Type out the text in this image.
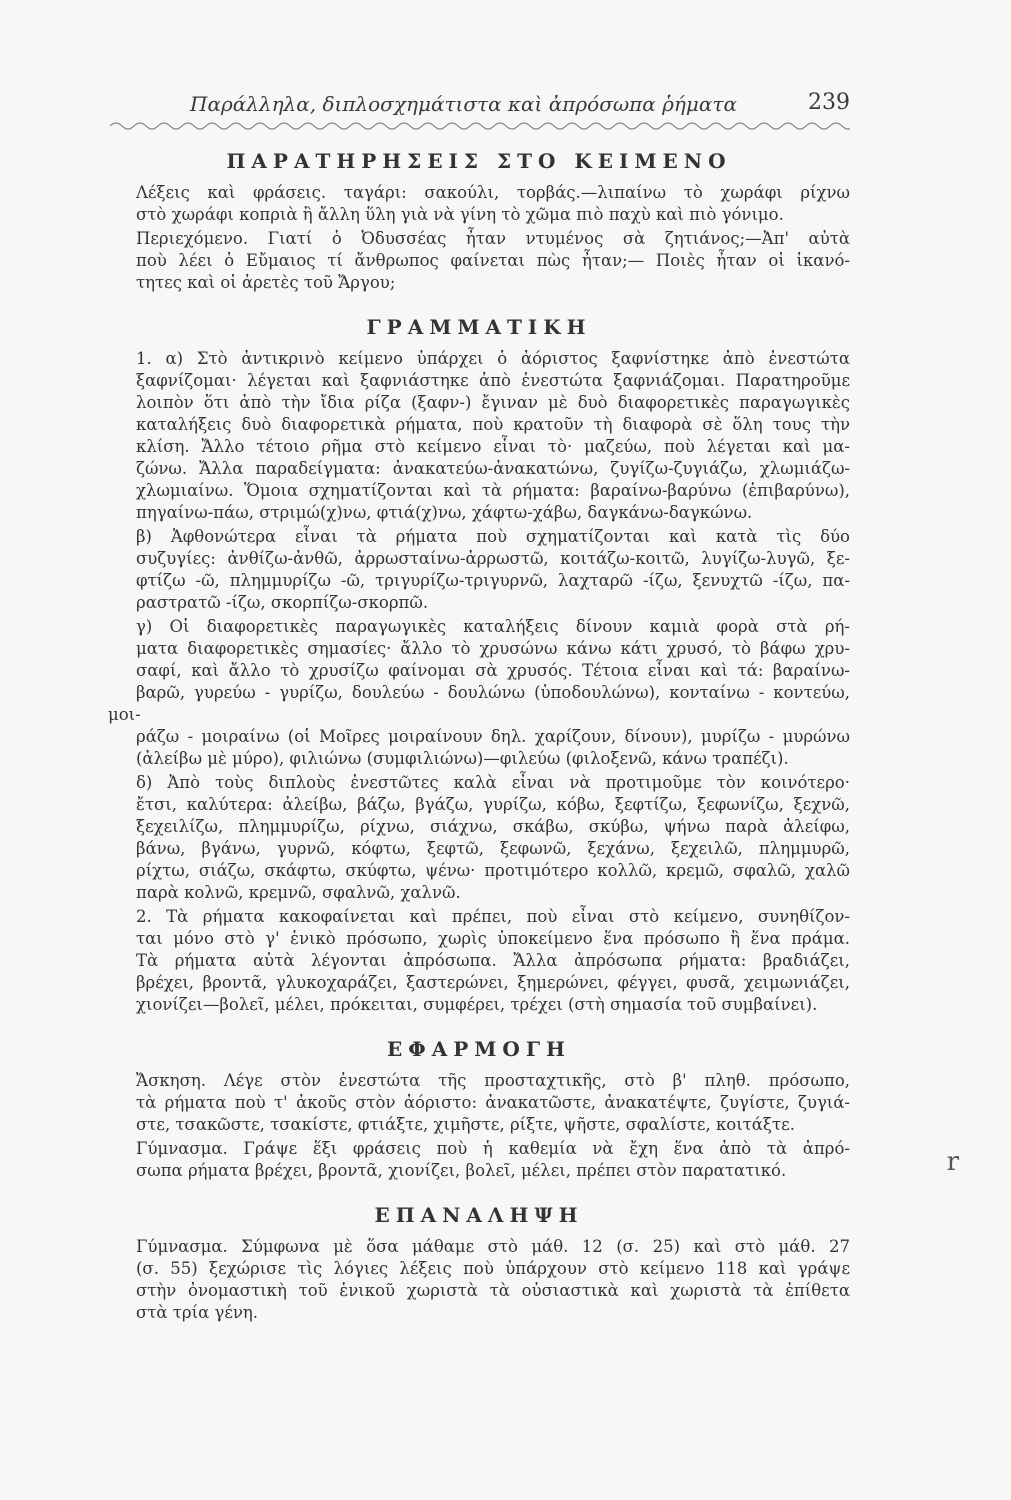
Παράλληλα, διπλοσχημάτιστα καὶ ἀπρόσωπα ῥήματα	239
ΠΑΡΑΤΗΡΗΣΕΙΣ ΣΤΟ ΚΕΙΜΕΝΟ

Λέξεις καὶ φράσεις. ταγάρι: σακούλι, τορβάς.—λιπαίνω τὸ χωράφι ρίχνω
στὸ χωράφι κοπριὰ ἢ ἄλλη ὕλη γιὰ νὰ γίνη τὸ χῶμα πιὸ παχὺ καὶ πιὸ γόνιμο.

Περιεχόμενο. Γιατί ὁ Ὀδυσσέας ἦταν ντυμένος σὰ ζητιάνος;—Ἀπ' αὐτὰ
ποὺ λέει ὁ Εὔμαιος τί ἄνθρωπος φαίνεται πὼς ἦταν;— Ποιὲς ἦταν οἱ ἱκανό-
τητες καὶ οἱ ἀρετὲς τοῦ Ἄργου;

ΓΡΑΜΜΑΤΙΚΗ

1. α) Στὸ ἀντικρινὸ κείμενο ὑπάρχει ὁ ἀόριστος ξαφνίστηκε ἀπὸ ἐνεστώτα
ξαφνίζομαι· λέγεται καὶ ξαφνιάστηκε ἀπὸ ἐνεστώτα ξαφνιάζομαι. Παρατηροῦμε
λοιπὸν ὅτι ἀπὸ τὴν ἴδια ρίζα (ξαφν-) ἔγιναν μὲ δυὸ διαφορετικὲς παραγωγικὲς
καταλήξεις δυὸ διαφορετικὰ ρήματα, ποὺ κρατοῦν τὴ διαφορὰ σὲ ὅλη τους τὴν
κλίση. Ἄλλο τέτοιο ρῆμα στὸ κείμενο εἶναι τὸ· μαζεύω, ποὺ λέγεται καὶ μα-
ζώνω. Ἄλλα παραδείγματα: ἀνακατεύω-ἀνακατώνω, ζυγίζω-ζυγιάζω, χλωμιάζω-
χλωμιαίνω. Ὅμοια σχηματίζονται καὶ τὰ ρήματα: βαραίνω-βαρύνω (ἐπιβαρύνω),
πηγαίνω-πάω, στριμώ(χ)νω, φτιά(χ)νω, χάφτω-χάβω, δαγκάνω-δαγκώνω.

β) Ἀφθονώτερα εἶναι τὰ ρήματα ποὺ σχηματίζονται καὶ κατὰ τὶς δύο
συζυγίες: ἀνθίζω-ἀνθῶ, ἀρρωσταίνω-ἀρρωστῶ, κοιτάζω-κοιτῶ, λυγίζω-λυγῶ, ξε-
φτίζω -ῶ, πλημμυρίζω -ῶ, τριγυρίζω-τριγυρνῶ, λαχταρῶ -ίζω, ξενυχτῶ -ίζω, πα-
ραστρατῶ -ίζω, σκορπίζω-σκορπῶ.

γ) Οἱ διαφορετικὲς παραγωγικὲς καταλήξεις δίνουν καμιὰ φορὰ στὰ ρή-
ματα διαφορετικὲς σημασίες· ἄλλο τὸ χρυσώνω κάνω κάτι χρυσό, τὸ βάφω χρυ-
σαφί, καὶ ἄλλο τὸ χρυσίζω φαίνομαι σὰ χρυσός. Τέτοια εἶναι καὶ τά: βαραίνω-
βαρῶ, γυρεύω - γυρίζω, δουλεύω - δουλώνω (ὑποδουλώνω), κονταίνω - κοντεύω, μοι-
ράζω - μοιραίνω (οἱ Μοῖρες μοιραίνουν δηλ. χαρίζουν, δίνουν), μυρίζω - μυρώνω
(ἀλείβω μὲ μύρο), φιλιώνω (συμφιλιώνω)—φιλεύω (φιλοξενῶ, κάνω τραπέζι).

δ) Ἀπὸ τοὺς διπλοὺς ἐνεστῶτες καλὰ εἶναι νὰ προτιμοῦμε τὸν κοινότερο·
ἔτσι, καλύτερα: ἀλείβω, βάζω, βγάζω, γυρίζω, κόβω, ξεφτίζω, ξεφωνίζω, ξεχνῶ,
ξεχειλίζω, πλημμυρίζω, ρίχνω, σιάχνω, σκάβω, σκύβω, ψήνω παρὰ ἀλείφω,
βάνω, βγάνω, γυρνῶ, κόφτω, ξεφτῶ, ξεφωνῶ, ξεχάνω, ξεχειλῶ, πλημμυρῶ,
ρίχτω, σιάζω, σκάφτω, σκύφτω, ψένω· προτιμότερο κολλῶ, κρεμῶ, σφαλῶ, χαλῶ
παρὰ κολνῶ, κρεμνῶ, σφαλνῶ, χαλνῶ.

2. Τὰ ρήματα κακοφαίνεται καὶ πρέπει, ποὺ εἶναι στὸ κείμενο, συνηθίζον-
ται μόνο στὸ γ' ἑνικὸ πρόσωπο, χωρὶς ὑποκείμενο ἕνα πρόσωπο ἢ ἕνα πράμα.
Τὰ ρήματα αὐτὰ λέγονται ἀπρόσωπα. Ἄλλα ἀπρόσωπα ρήματα: βραδιάζει,
βρέχει, βροντᾶ, γλυκοχαράζει, ξαστερώνει, ξημερώνει, φέγγει, φυσᾶ, χειμωνιάζει,
χιονίζει—βολεῖ, μέλει, πρόκειται, συμφέρει, τρέχει (στὴ σημασία τοῦ συμβαίνει).

ΕΦΑΡΜΟΓΗ

Ἄσκηση. Λέγε στὸν ἐνεστώτα τῆς προσταχτικῆς, στὸ β' πληθ. πρόσωπο,
τὰ ρήματα ποὺ τ' ἀκοῦς στὸν ἀόριστο: ἀνακατῶστε, ἀνακατέψτε, ζυγίστε, ζυγιά-
στε, τσακῶστε, τσακίστε, φτιάξτε, χιμῆστε, ρίξτε, ψῆστε, σφαλίστε, κοιτάξτε.

Γύμνασμα. Γράψε ἕξι φράσεις ποὺ ἡ καθεμία νὰ ἔχη ἕνα ἀπὸ τὰ ἀπρό-
σωπα ρήματα βρέχει, βροντᾶ, χιονίζει, βολεῖ, μέλει, πρέπει στὸν παρατατικό.

ΕΠΑΝΑΛΗΨΗ

Γύμνασμα. Σύμφωνα μὲ ὅσα μάθαμε στὸ μάθ. 12 (σ. 25) καὶ στὸ μάθ. 27
(σ. 55) ξεχώρισε τὶς λόγιες λέξεις ποὺ ὑπάρχουν στὸ κείμενο 118 καὶ γράψε
στὴν ὀνομαστικὴ τοῦ ἑνικοῦ χωριστὰ τὰ οὐσιαστικὰ καὶ χωριστὰ τὰ ἐπίθετα
στὰ τρία γένη.

r
